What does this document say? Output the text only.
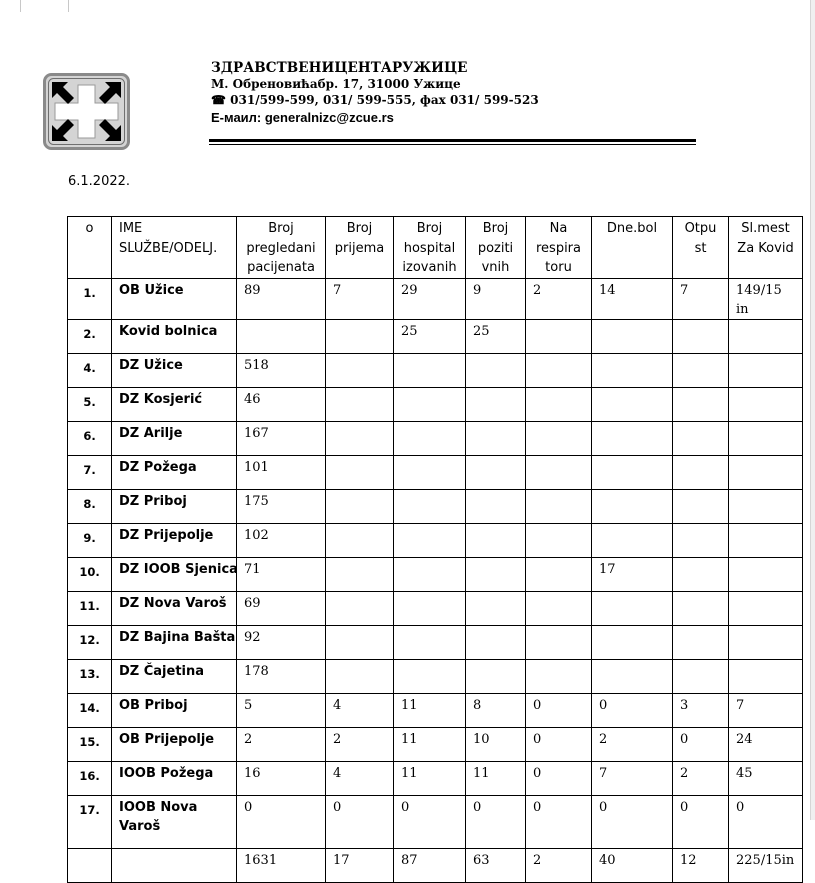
ЗДРАВСТВЕНИЦЕНТАРУЖИЦЕ
М. Обреновићабр. 17, 31000 Ужице
☎ 031/599-599, 031/ 599-555, фах 031/ 599-523
Е-маил: generalnizc@zcue.rs
6.1.2022.
o	IME SLUŽBE/ODELJ.	Broj pregledani pacijenata	Broj prijema	Broj hospital izovanih	Broj poziti vnih	Na respira toru	Dne.bol	Otpu st	Sl.mest Za Kovid
1.	OB Užice	89	7	29	9	2	14	7	149/15 in
2.	Kovid bolnica			25	25				
4.	DZ Užice	518							
5.	DZ Kosjerić	46							
6.	DZ Arilje	167							
7.	DZ Požega	101							
8.	DZ Priboj	175							
9.	DZ Prijepolje	102							
10.	DZ IOOB Sjenica	71					17		
11.	DZ Nova Varoš	69							
12.	DZ Bajina Bašta	92							
13.	DZ Čajetina	178							
14.	OB Priboj	5	4	11	8	0	0	3	7
15.	OB Prijepolje	2	2	11	10	0	2	0	24
16.	IOOB Požega	16	4	11	11	0	7	2	45
17.	IOOB Nova Varoš	0	0	0	0	0	0	0	0
		1631	17	87	63	2	40	12	225/15in
